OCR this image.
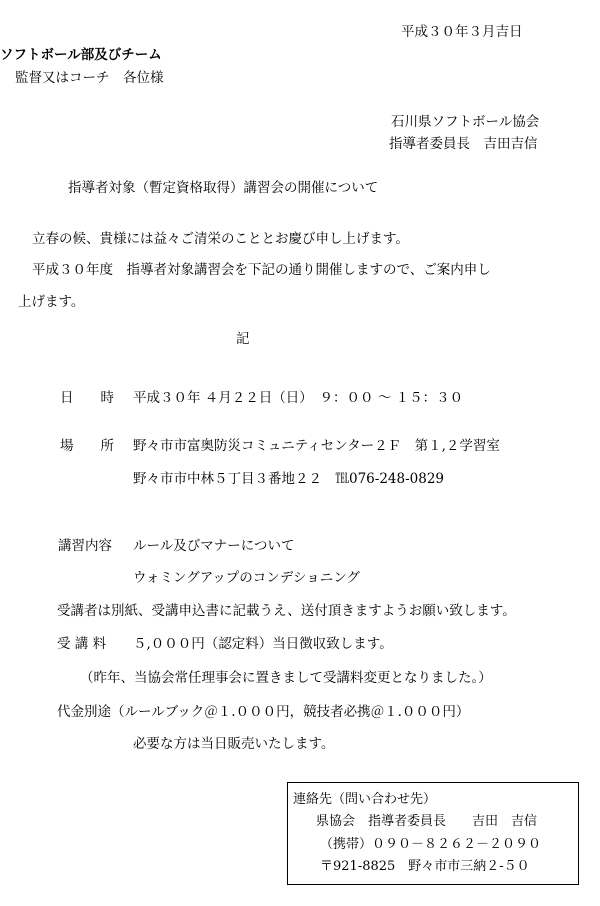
平成３０年３月吉日
ソフトボール部及びチーム
監督又はコーチ　各位様
石川県ソフトボール協会
指導者委員長　吉田吉信
指導者対象（暫定資格取得）講習会の開催について
立春の候、貴様には益々ご清栄のこととお慶び申し上げます。
平成３０年度　指導者対象講習会を下記の通り開催しますので、ご案内申し
上げます。
記
日　　時 平成３０年 ４月２２日（日）　９：００ ～ １５：３０
場　　所 野々市市富奥防災コミュニティセンター２Ｆ　第１,２学習室
野々市市中林５丁目３番地２２　℡076-248-0829
講習内容 ルール及びマナーについて
ウォミングアップのコンデショニング
受講者は別紙、受講申込書に記載うえ、送付頂きますようお願い致します。
受 講 料 ５,０００円（認定料）当日徴収致します。
（昨年、当協会常任理事会に置きまして受講料変更となりました。）
代金別途（ルールブック＠１.０００円，競技者必携＠１.０００円）
必要な方は当日販売いたします。
連絡先（問い合わせ先）
県協会　指導者委員長　　吉田　吉信
（携帯）０９０－８２６２－２０９０
〒921-8825　野々市市三納２-５０
